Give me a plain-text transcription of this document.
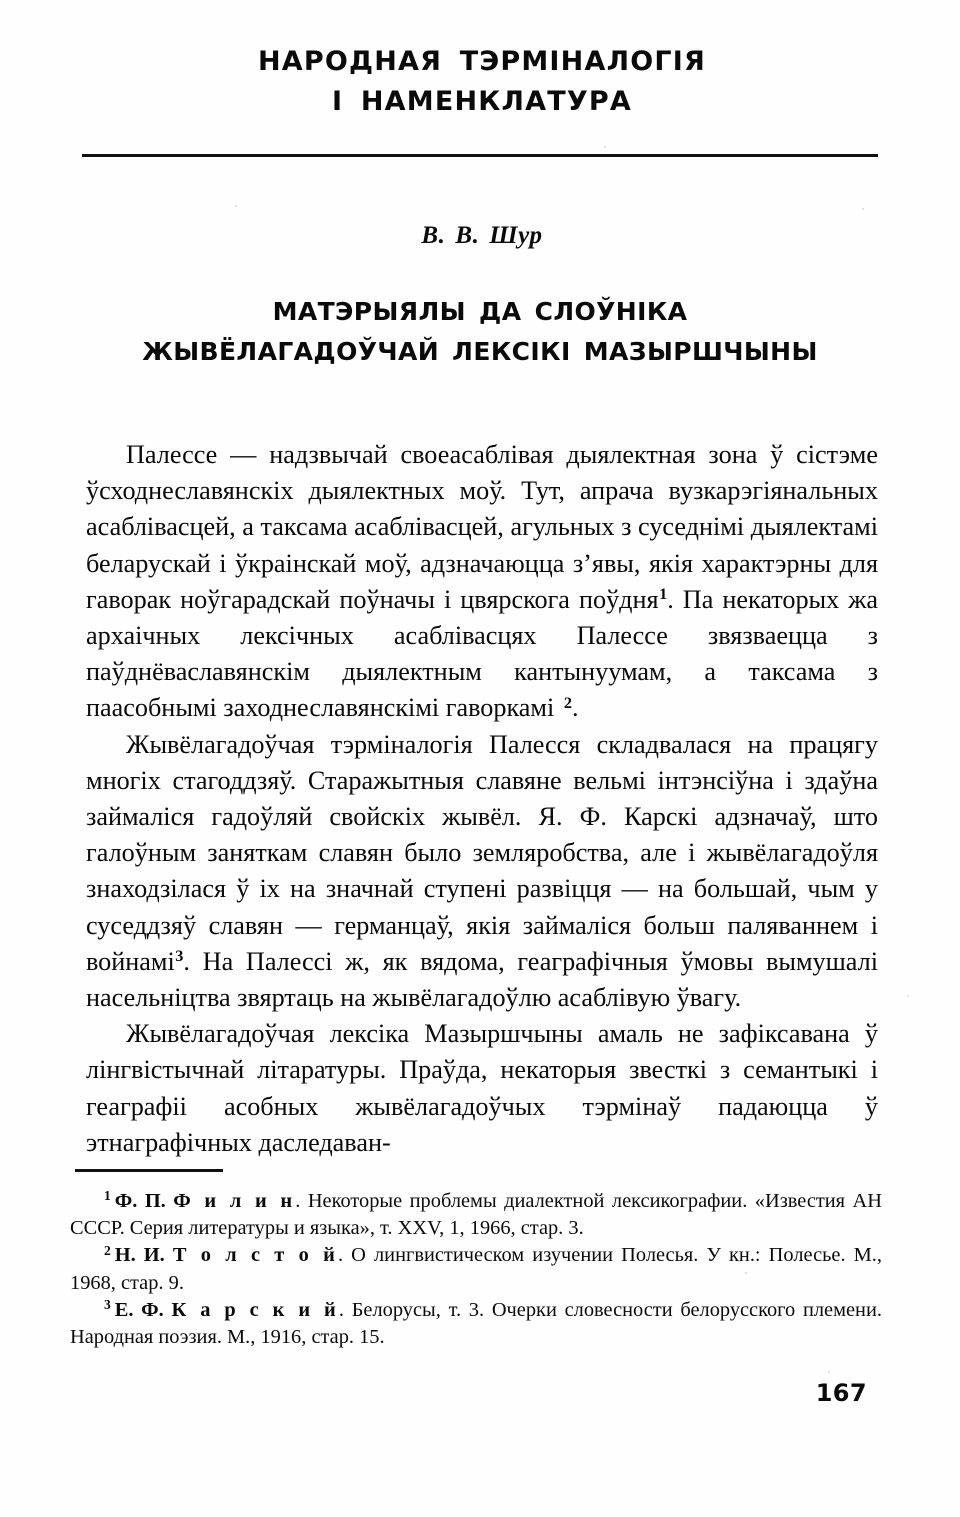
НАРОДНАЯ ТЭРМІНАЛОГІЯ
І НАМЕНКЛАТУРА
В. В. Шур
МАТЭРЫЯЛЫ ДА СЛОЎНІКА
ЖЫВЁЛАГАДОЎЧАЙ ЛЕКСІКІ МАЗЫРШЧЫНЫ

Палессе — надзвычай своеасаблівая дыялектная зона ў сістэме ўсходнеславянскіх дыялектных моў. Тут, апрача вузкарэгіянальных асаблівасцей, а таксама асаблівасцей, агульных з суседнімі дыялектамі беларускай і ўкраінскай моў, адзначаюцца з’явы, якія характэрны для гаворак ноўгарадскай поўначы і цвярскога поўдня$^1$. Па некаторых жа архаічных лексічных асаблівасцях Палессе звязваецца з паўднёваславянскім дыялектным кантынуумам, а таксама з паасобнымі заходнеславянскімі гаворкамі $^2$.

Жывёлагадоўчая тэрміналогія Палесся складвалася на працягу многіх стагоддзяў. Старажытныя славяне вельмі інтэнсіўна і здаўна займаліся гадоўляй свойскіх жывёл. Я. Ф. Карскі адзначаў, што галоўным заняткам славян было земляробства, але і жывёлагадоўля знаходзілася ў іх на значнай ступені развіцця — на большай, чым у суседдзяў славян — германцаў, якія займаліся больш паляваннем і войнамі$^3$. На Палессі ж, як вядома, геаграфічныя ўмовы вымушалі насельніцтва звяртаць на жывёлагадоўлю асаблівую ўвагу.

Жывёлагадоўчая лексіка Мазыршчыны амаль не зафіксавана ў лінгвістычнай літаратуры. Праўда, некаторыя звесткі з семантыкі і геаграфіі асобных жывёлагадоўчых тэрмінаў падаюцца ў этнаграфічных даследаван-

$^1$ Ф. П. Ф и л и н. Некоторые проблемы диалектной лексикографии. «Известия АН СССР. Серия литературы и языка», т. XXV, 1, 1966, стар. 3.

$^2$ Н. И. Т о л с т о й. О лингвистическом изучении Полесья. У кн.: Полесье. М., 1968, стар. 9.

$^3$ Е. Ф. К а р с к и й. Белорусы, т. 3. Очерки словесности белорусского племени. Народная поэзия. М., 1916, стар. 15.

167
